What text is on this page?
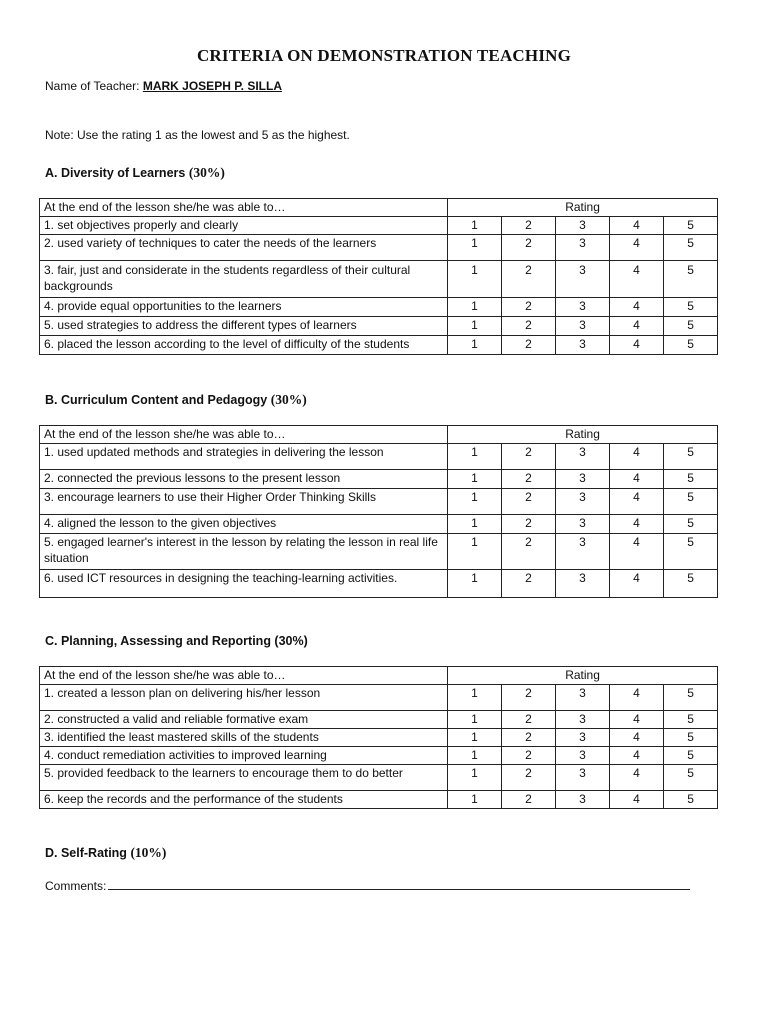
CRITERIA ON DEMONSTRATION TEACHING
Name of Teacher: MARK JOSEPH P. SILLA
Note: Use the rating 1 as the lowest and 5 as the highest.
A. Diversity of Learners (30%)
At the end of the lesson she/he was able to…	Rating				
1. set objectives properly and clearly	1	2	3	4	5
2. used variety of techniques to cater the needs of the learners	1	2	3	4	5
3. fair, just and considerate in the students regardless of their cultural backgrounds	1	2	3	4	5
4. provide equal opportunities to the learners	1	2	3	4	5
5. used strategies to address the different types of learners	1	2	3	4	5
6. placed the lesson according to the level of difficulty of the students	1	2	3	4	5
B. Curriculum Content and Pedagogy (30%)
At the end of the lesson she/he was able to…	Rating				
1. used updated methods and strategies in delivering the lesson	1	2	3	4	5
2. connected the previous lessons to the present lesson	1	2	3	4	5
3. encourage learners to use their Higher Order Thinking Skills	1	2	3	4	5
4. aligned the lesson to the given objectives	1	2	3	4	5
5. engaged learner's interest in the lesson by relating the lesson in real life situation	1	2	3	4	5
6. used ICT resources in designing the teaching-learning activities.	1	2	3	4	5
C. Planning, Assessing and Reporting (30%)
At the end of the lesson she/he was able to…	Rating				
1. created a lesson plan on delivering his/her lesson	1	2	3	4	5
2. constructed a valid and reliable formative exam	1	2	3	4	5
3. identified the least mastered skills of the students	1	2	3	4	5
4. conduct remediation activities to improved learning	1	2	3	4	5
5. provided feedback to the learners to encourage them to do better	1	2	3	4	5
6. keep the records and the performance of the students	1	2	3	4	5
D. Self-Rating (10%)
Comments:
